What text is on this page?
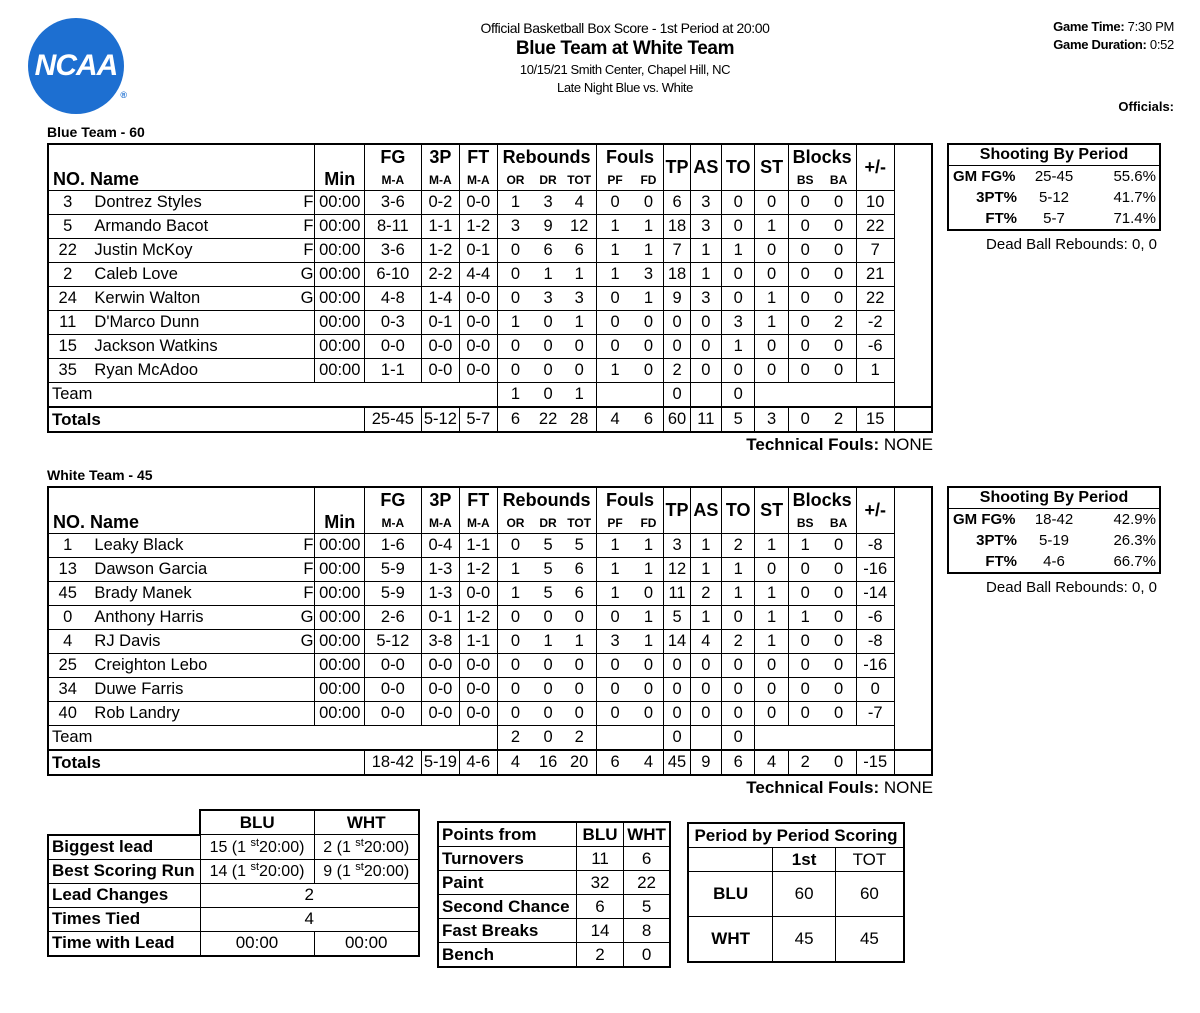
NCAA
®
Official Basketball Box Score - 1st Period at 20:00
Blue Team at White Team
10/15/21 Smith Center, Chapel Hill, NC
Late Night Blue vs. White
Game Time: 7:30 PM
Game Duration: 0:52
Officials:
Blue Team - 60
NO. Name		Min	FG	3P	FT	Rebounds			Fouls		TP	AS	TO	ST	Blocks		+/-
			M-A	M-A	M-A	OR	DR	TOT	PF	FD					BS	BA	
3	Dontrez Styles F	00:00	3-6	0-2	0-0	1	3	4	0	0	6	3	0	0	0	0	10
5	Armando Bacot F	00:00	8-11	1-1	1-2	3	9	12	1	1	18	3	0	1	0	0	22
22	Justin McKoy F	00:00	3-6	1-2	0-1	0	6	6	1	1	7	1	1	0	0	0	7
2	Caleb Love G	00:00	6-10	2-2	4-4	0	1	1	1	3	18	1	0	0	0	0	21
24	Kerwin Walton G	00:00	4-8	1-4	0-0	0	3	3	0	1	9	3	0	1	0	0	22
11	D'Marco Dunn	00:00	0-3	0-1	0-0	1	0	1	0	0	0	0	3	1	0	2	-2
15	Jackson Watkins	00:00	0-0	0-0	0-0	0	0	0	0	0	0	0	1	0	0	0	-6
35	Ryan McAdoo	00:00	1-1	0-0	0-0	0	0	0	1	0	2	0	0	0	0	0	1
Team						1	0	1			0		0				
Totals			25-45	5-12	5-7	6	22	28	4	6	60	11	5	3	0	2	15
Technical Fouls: NONE
Shooting By Period
GM FG%	25-45	55.6%
3PT%	5-12	41.7%
FT%	5-7	71.4%
Dead Ball Rebounds: 0, 0
White Team - 45
NO. Name		Min	FG	3P	FT	Rebounds			Fouls		TP	AS	TO	ST	Blocks		+/-
			M-A	M-A	M-A	OR	DR	TOT	PF	FD					BS	BA	
1	Leaky Black F	00:00	1-6	0-4	1-1	0	5	5	1	1	3	1	2	1	1	0	-8
13	Dawson Garcia F	00:00	5-9	1-3	1-2	1	5	6	1	1	12	1	1	0	0	0	-16
45	Brady Manek F	00:00	5-9	1-3	0-0	1	5	6	1	0	11	2	1	1	0	0	-14
0	Anthony Harris G	00:00	2-6	0-1	1-2	0	0	0	0	1	5	1	0	1	1	0	-6
4	RJ Davis G	00:00	5-12	3-8	1-1	0	1	1	3	1	14	4	2	1	0	0	-8
25	Creighton Lebo	00:00	0-0	0-0	0-0	0	0	0	0	0	0	0	0	0	0	0	-16
34	Duwe Farris	00:00	0-0	0-0	0-0	0	0	0	0	0	0	0	0	0	0	0	0
40	Rob Landry	00:00	0-0	0-0	0-0	0	0	0	0	0	0	0	0	0	0	0	-7
Team						2	0	2			0		0				
Totals			18-42	5-19	4-6	4	16	20	6	4	45	9	6	4	2	0	-15
Technical Fouls: NONE
Shooting By Period
GM FG%	18-42	42.9%
3PT%	5-19	26.3%
FT%	4-6	66.7%
Dead Ball Rebounds: 0, 0
	BLU	WHT
Biggest lead	15 (1 $^{st}$20:00)	2 (1 $^{st}$20:00)
Best Scoring Run	14 (1 $^{st}$20:00)	9 (1 $^{st}$20:00)
Lead Changes	2	
Times Tied	4	
Time with Lead	00:00	00:00
Points from	BLU	WHT
Turnovers	11	6
Paint	32	22
Second Chance	6	5
Fast Breaks	14	8
Bench	2	0
Period by Period Scoring		
	1st	TOT
BLU	60	60
WHT	45	45
